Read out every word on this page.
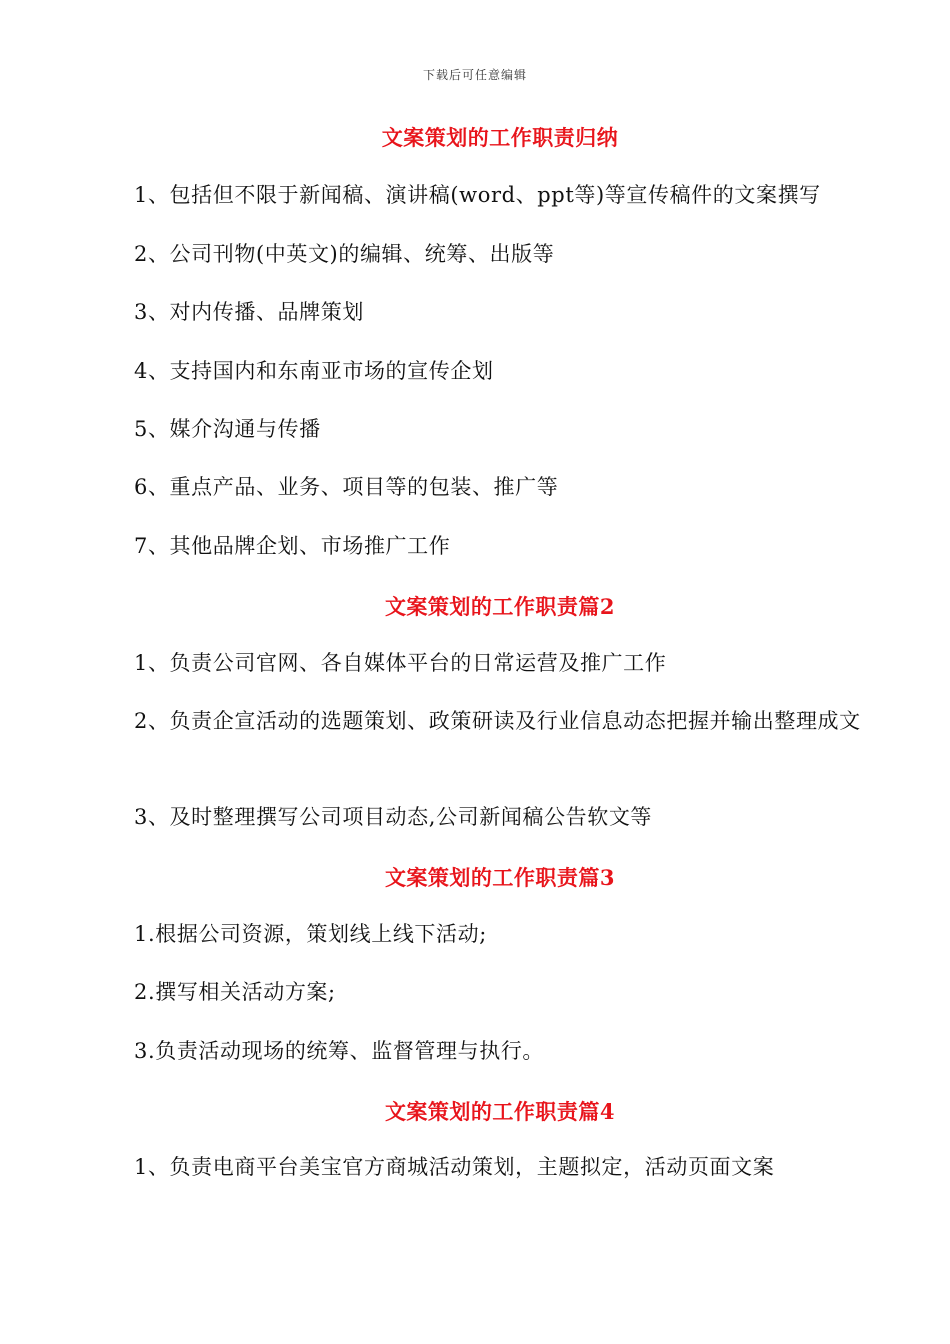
下载后可任意编辑
文案策划的工作职责归纳
1、包括但不限于新闻稿、演讲稿(word、ppt等)等宣传稿件的文案撰写
2、公司刊物(中英文)的编辑、统筹、出版等
3、对内传播、品牌策划
4、支持国内和东南亚市场的宣传企划
5、媒介沟通与传播
6、重点产品、业务、项目等的包装、推广等
7、其他品牌企划、市场推广工作
文案策划的工作职责篇2
1、负责公司官网、各自媒体平台的日常运营及推广工作
2、负责企宣活动的选题策划、政策研读及行业信息动态把握并输出整理成文
3、及时整理撰写公司项目动态,公司新闻稿公告软文等
文案策划的工作职责篇3
1.根据公司资源，策划线上线下活动;
2.撰写相关活动方案;
3.负责活动现场的统筹、监督管理与执行。
文案策划的工作职责篇4
1、负责电商平台美宝官方商城活动策划，主题拟定，活动页面文案
